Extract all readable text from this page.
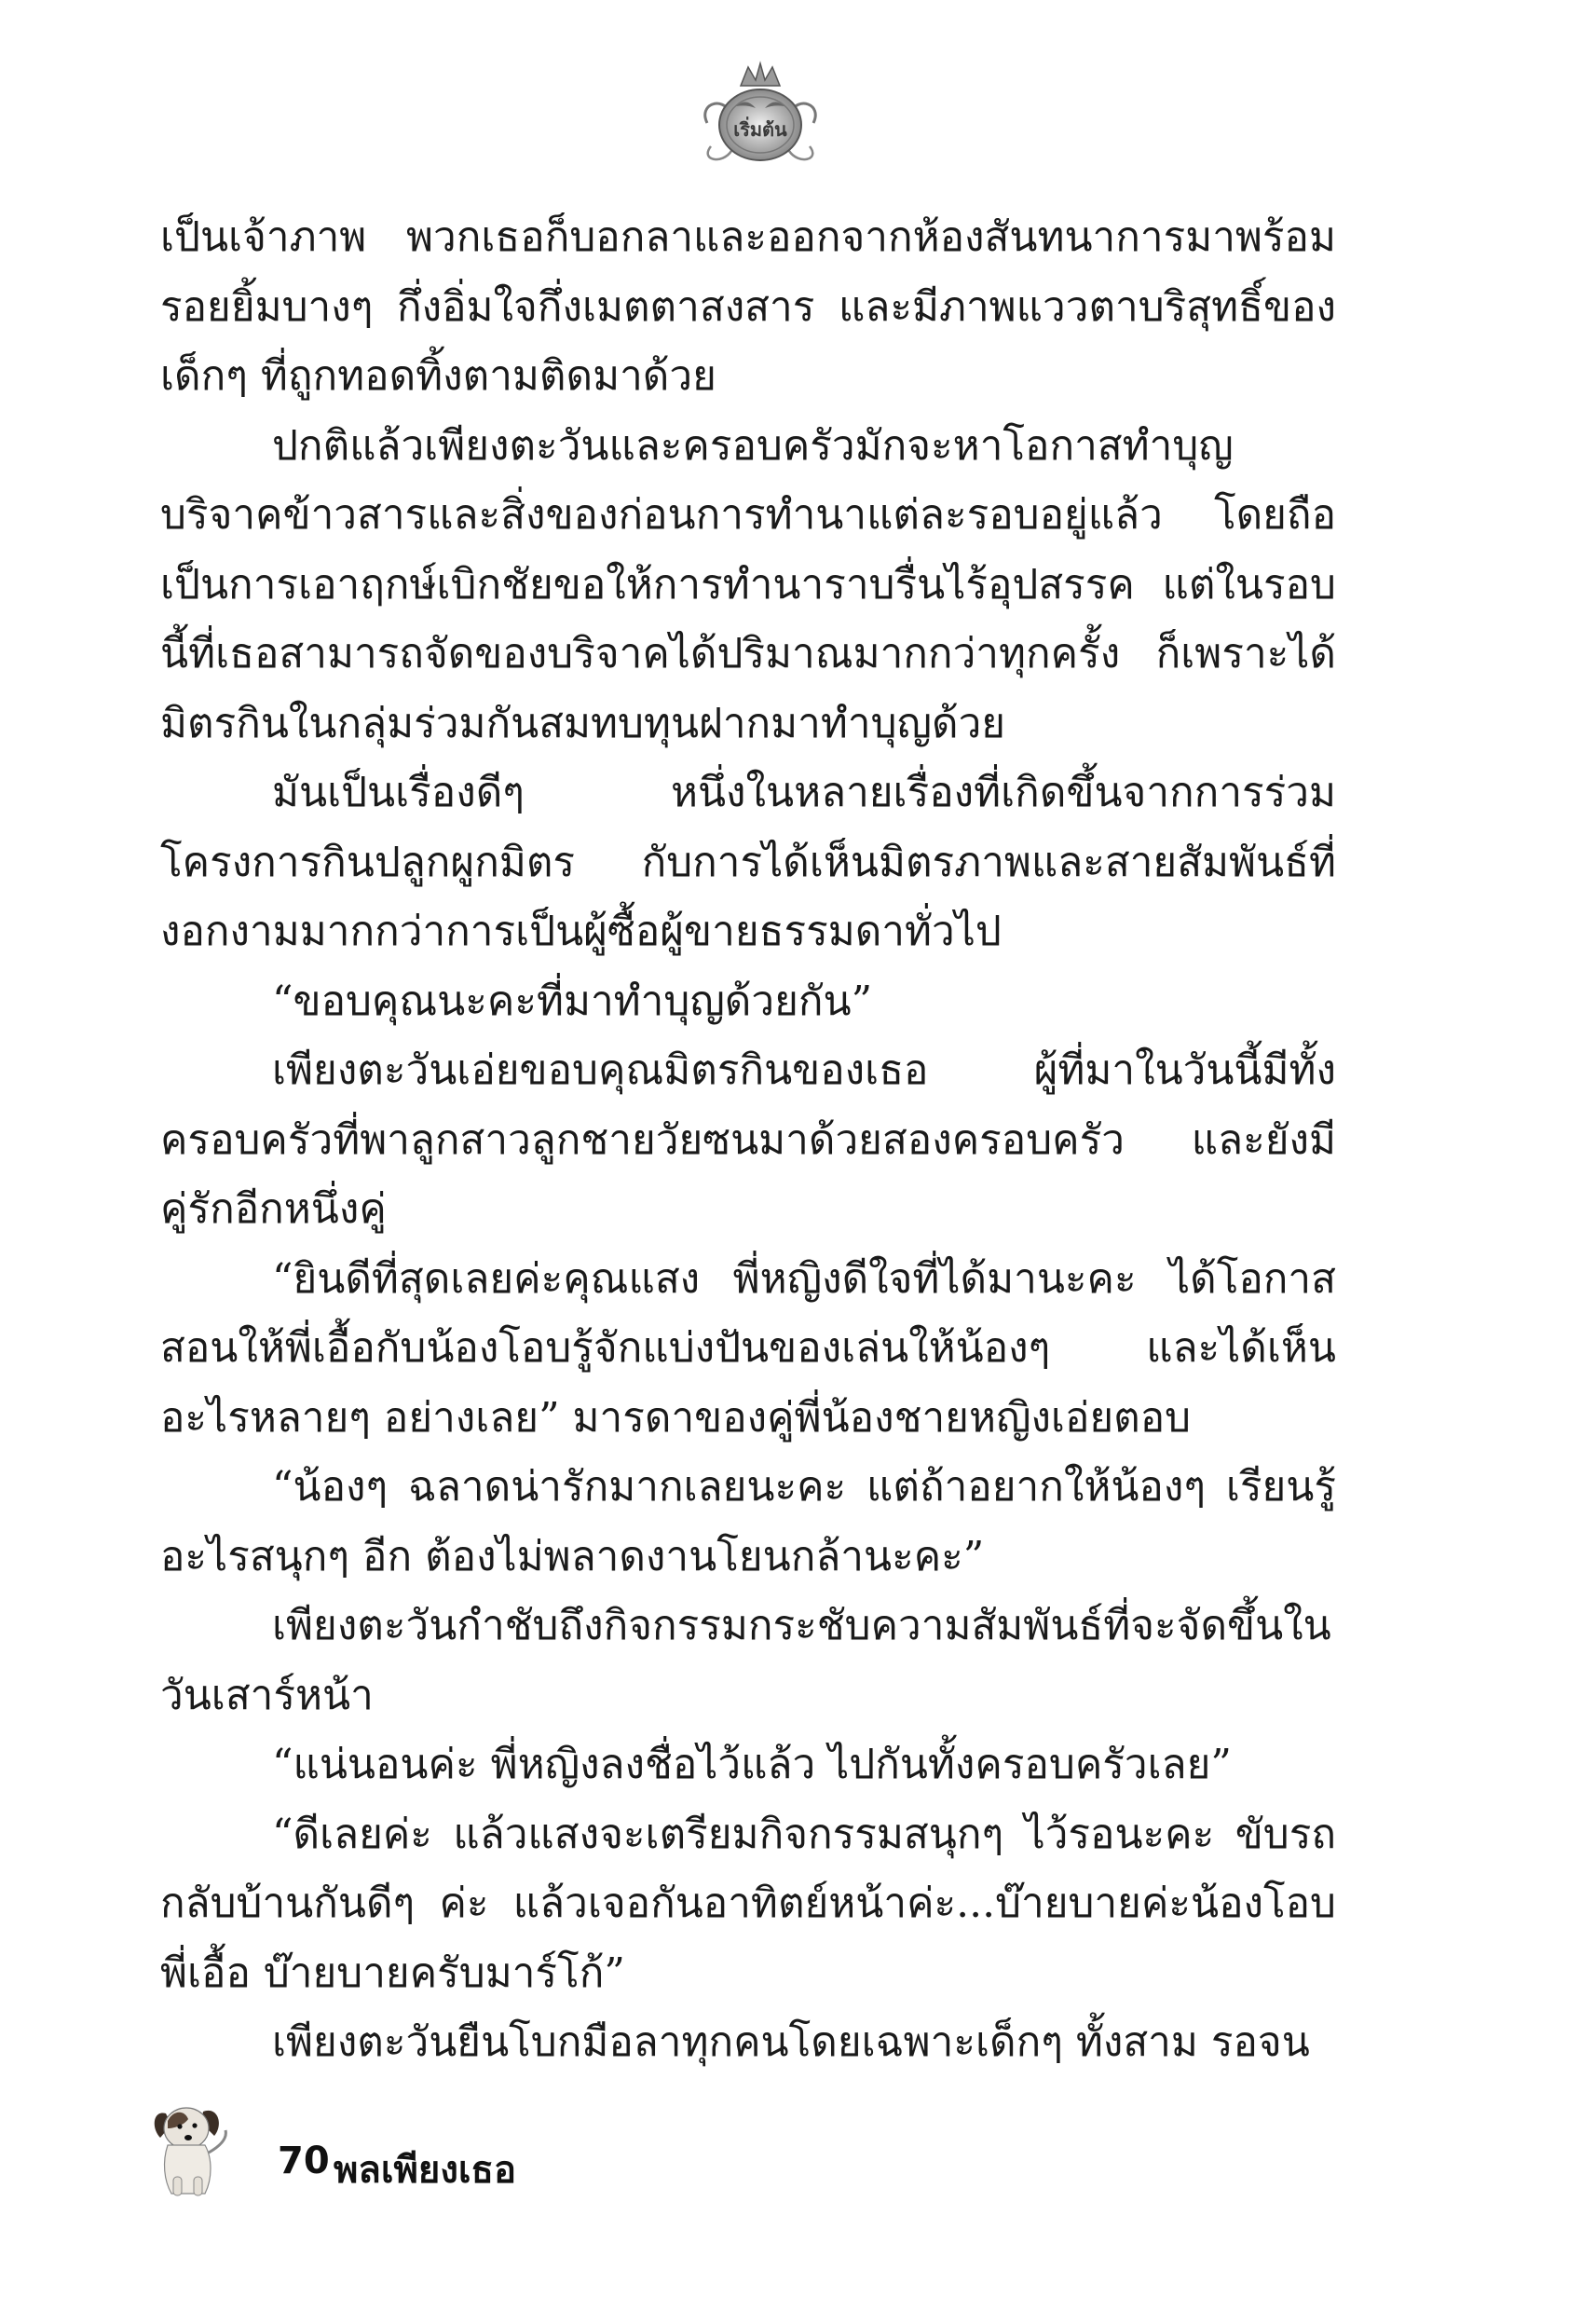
เริ่มต้น

เป็นเจ้าภาพ พวกเธอก็บอกลาและออกจากห้องสันทนาการมาพร้อมรอยยิ้มบางๆ กึ่งอิ่มใจกึ่งเมตตาสงสาร และมีภาพแววตาบริสุทธิ์ของเด็กๆ ที่ถูกทอดทิ้งตามติดมาด้วย

ปกติแล้วเพียงตะวันและครอบครัวมักจะหาโอกาสทำบุญ บริจาคข้าวสารและสิ่งของก่อนการทำนาแต่ละรอบอยู่แล้ว โดยถือเป็นการเอาฤกษ์เบิกชัยขอให้การทำนาราบรื่นไร้อุปสรรค แต่ในรอบนี้ที่เธอสามารถจัดของบริจาคได้ปริมาณมากกว่าทุกครั้ง ก็เพราะได้มิตรกินในกลุ่มร่วมกันสมทบทุนฝากมาทำบุญด้วย

มันเป็นเรื่องดีๆ หนึ่งในหลายเรื่องที่เกิดขึ้นจากการร่วมโครงการกินปลูกผูกมิตร กับการได้เห็นมิตรภาพและสายสัมพันธ์ที่งอกงามมากกว่าการเป็นผู้ซื้อผู้ขายธรรมดาทั่วไป

“ขอบคุณนะคะที่มาทำบุญด้วยกัน”

เพียงตะวันเอ่ยขอบคุณมิตรกินของเธอ ผู้ที่มาในวันนี้มีทั้งครอบครัวที่พาลูกสาวลูกชายวัยซนมาด้วยสองครอบครัว และยังมีคู่รักอีกหนึ่งคู่

“ยินดีที่สุดเลยค่ะคุณแสง พี่หญิงดีใจที่ได้มานะคะ ได้โอกาสสอนให้พี่เอื้อกับน้องโอบรู้จักแบ่งปันของเล่นให้น้องๆ และได้เห็นอะไรหลายๆ อย่างเลย” มารดาของคู่พี่น้องชายหญิงเอ่ยตอบ

“น้องๆ ฉลาดน่ารักมากเลยนะคะ แต่ถ้าอยากให้น้องๆ เรียนรู้อะไรสนุกๆ อีก ต้องไม่พลาดงานโยนกล้านะคะ”

เพียงตะวันกำชับถึงกิจกรรมกระชับความสัมพันธ์ที่จะจัดขึ้นในวันเสาร์หน้า

“แน่นอนค่ะ พี่หญิงลงชื่อไว้แล้ว ไปกันทั้งครอบครัวเลย”

“ดีเลยค่ะ แล้วแสงจะเตรียมกิจกรรมสนุกๆ ไว้รอนะคะ ขับรถกลับบ้านกันดีๆ ค่ะ แล้วเจอกันอาทิตย์หน้าค่ะ...บ๊ายบายค่ะน้องโอบพี่เอื้อ บ๊ายบายครับมาร์โก้”

เพียงตะวันยืนโบกมือลาทุกคนโดยเฉพาะเด็กๆ ทั้งสาม รอจน

70 พลเพียงเธอ
